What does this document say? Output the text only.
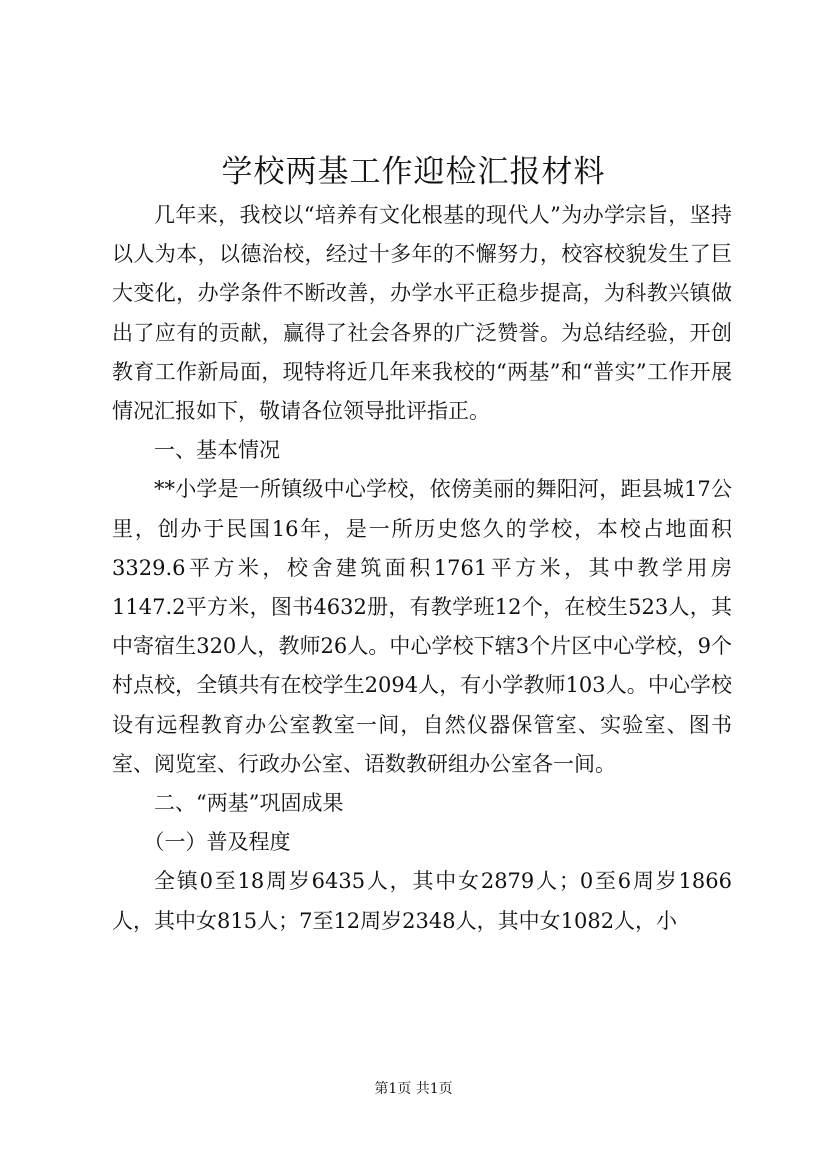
学校两基工作迎检汇报材料

几年来，我校以“培养有文化根基的现代人”为办学宗旨，坚持以人为本，以德治校，经过十多年的不懈努力，校容校貌发生了巨大变化，办学条件不断改善，办学水平正稳步提高，为科教兴镇做出了应有的贡献，赢得了社会各界的广泛赞誉。为总结经验，开创教育工作新局面，现特将近几年来我校的“两基”和“普实”工作开展情况汇报如下，敬请各位领导批评指正。

一、基本情况

**小学是一所镇级中心学校，依傍美丽的舞阳河，距县城17公里，创办于民国16年，是一所历史悠久的学校，本校占地面积3329.6平方米，校舍建筑面积1761平方米，其中教学用房1147.2平方米，图书4632册，有教学班12个，在校生523人，其中寄宿生320人，教师26人。中心学校下辖3个片区中心学校，9个村点校，全镇共有在校学生2094人，有小学教师103人。中心学校设有远程教育办公室教室一间，自然仪器保管室、实验室、图书室、阅览室、行政办公室、语数教研组办公室各一间。

二、“两基”巩固成果

（一）普及程度

全镇0至18周岁6435人，其中女2879人；0至6周岁1866人，其中女815人；7至12周岁2348人，其中女1082人，小

第1页 共1页
